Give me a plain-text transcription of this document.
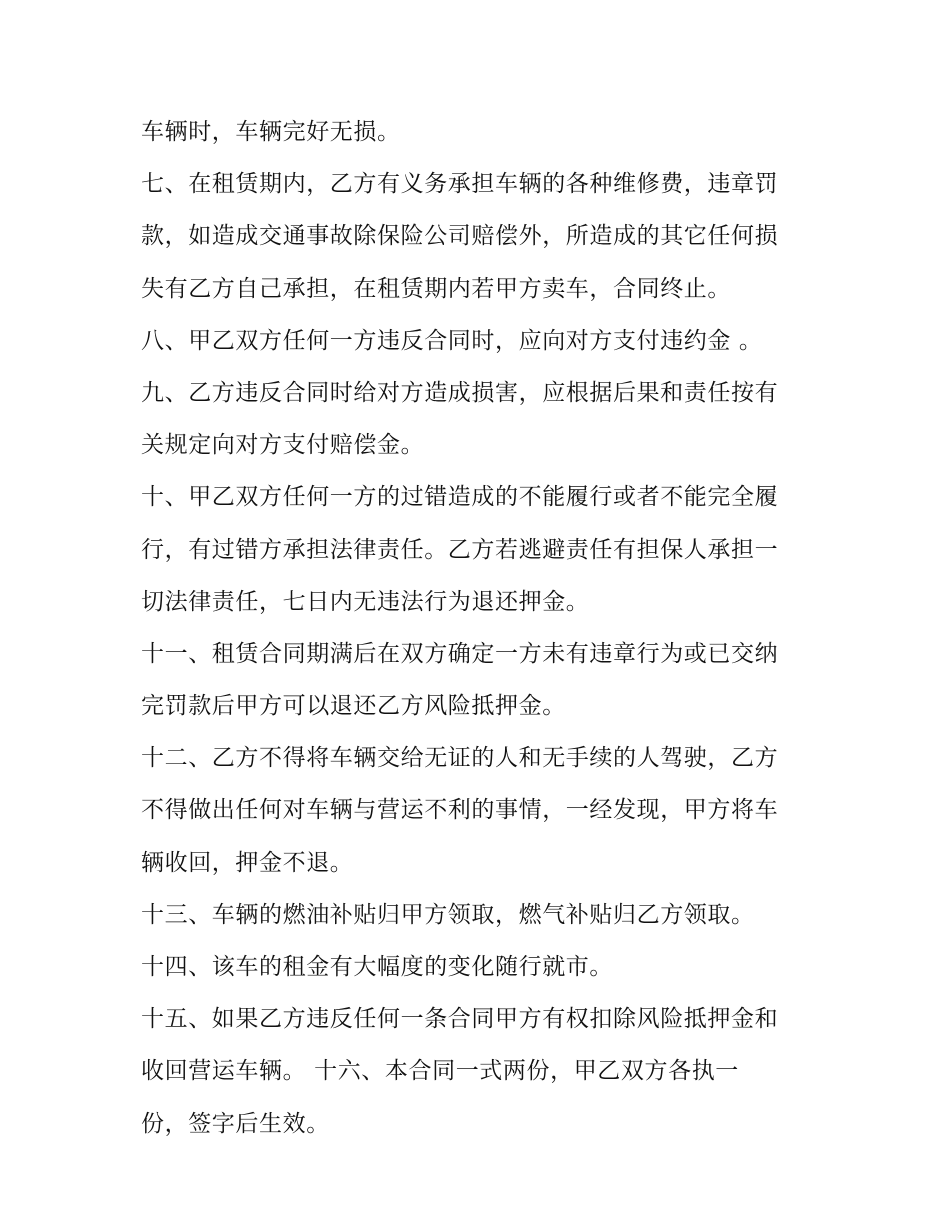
车辆时，车辆完好无损。

七、在租赁期内，乙方有义务承担车辆的各种维修费，违章罚

款，如造成交通事故除保险公司赔偿外，所造成的其它任何损

失有乙方自己承担，在租赁期内若甲方卖车，合同终止。

八、甲乙双方任何一方违反合同时，应向对方支付违约金 。

九、乙方违反合同时给对方造成损害，应根据后果和责任按有

关规定向对方支付赔偿金。

十、甲乙双方任何一方的过错造成的不能履行或者不能完全履

行，有过错方承担法律责任。乙方若逃避责任有担保人承担一

切法律责任，七日内无违法行为退还押金。

十一、租赁合同期满后在双方确定一方未有违章行为或已交纳

完罚款后甲方可以退还乙方风险抵押金。

十二、乙方不得将车辆交给无证的人和无手续的人驾驶，乙方

不得做出任何对车辆与营运不利的事情，一经发现，甲方将车

辆收回，押金不退。

十三、车辆的燃油补贴归甲方领取，燃气补贴归乙方领取。

十四、该车的租金有大幅度的变化随行就市。

十五、如果乙方违反任何一条合同甲方有权扣除风险抵押金和

收回营运车辆。 十六、本合同一式两份，甲乙双方各执一

份，签字后生效。
